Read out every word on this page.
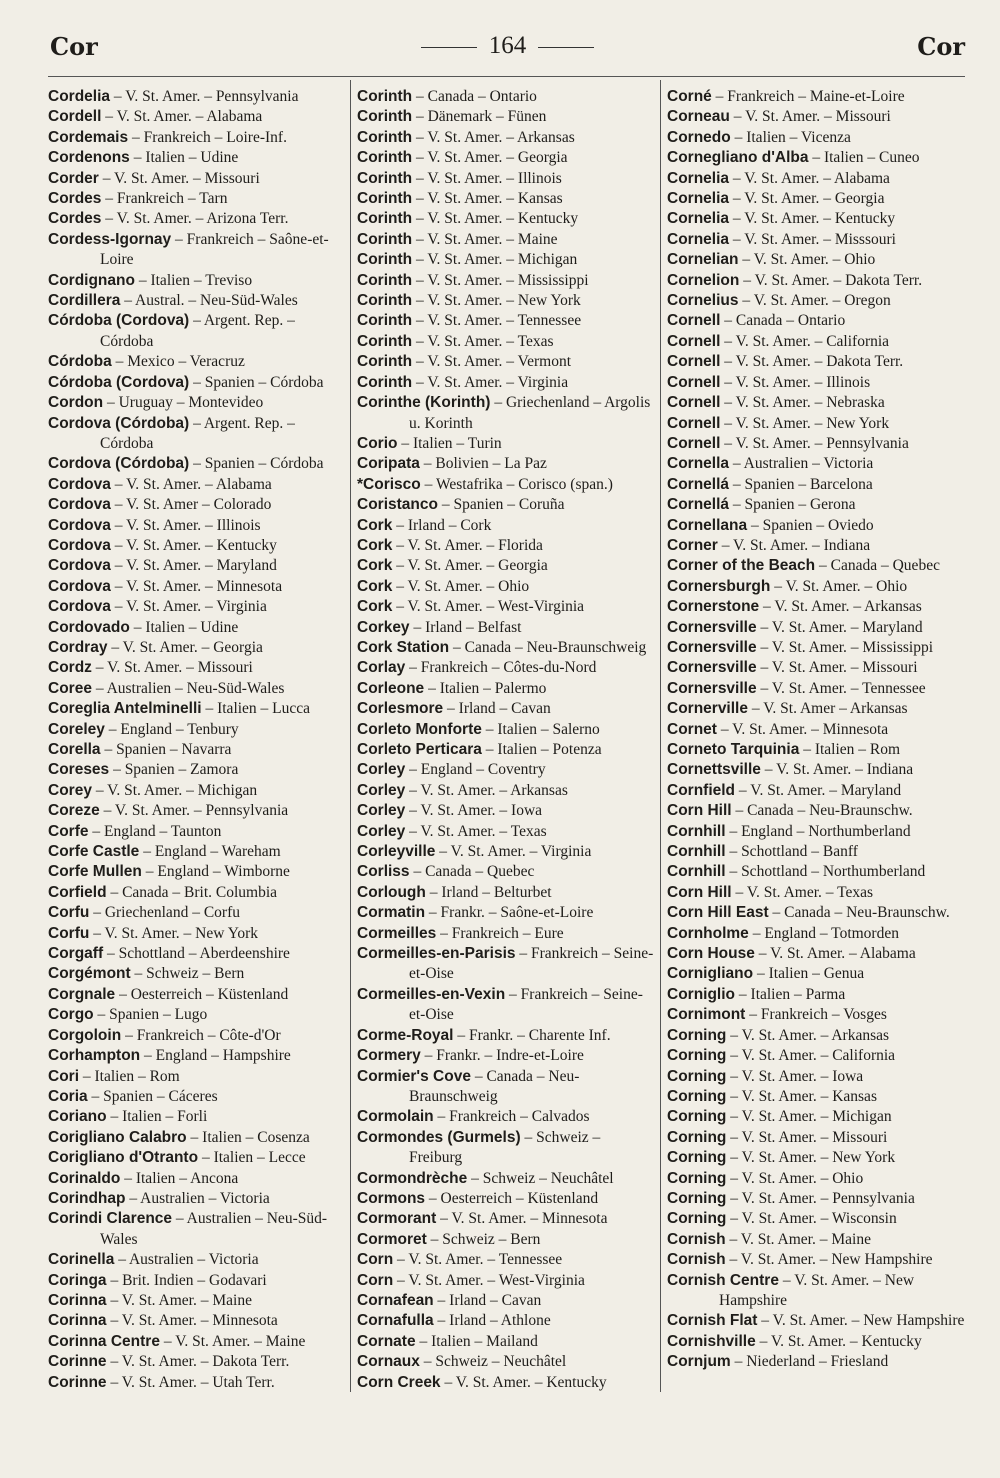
Cor	164	Cor
Cordelia – V. St. Amer. – Pennsylvania
Cordell – V. St. Amer. – Alabama
Cordemais – Frankreich – Loire-Inf.
Cordenons – Italien – Udine
Corder – V. St. Amer. – Missouri
Cordes – Frankreich – Tarn
Cordes – V. St. Amer. – Arizona Terr.
Cordess-Igornay – Frankreich – Saône-et-Loire
Cordignano – Italien – Treviso
Cordillera – Austral. – Neu-Süd-Wales
Córdoba (Cordova) – Argent. Rep. – Córdoba
Córdoba – Mexico – Veracruz
Córdoba (Cordova) – Spanien – Córdoba
Cordon – Uruguay – Montevideo
Cordova (Córdoba) – Argent. Rep. – Córdoba
Cordova (Córdoba) – Spanien – Córdoba
Cordova – V. St. Amer. – Alabama
Cordova – V. St. Amer – Colorado
Cordova – V. St. Amer. – Illinois
Cordova – V. St. Amer. – Kentucky
Cordova – V. St. Amer. – Maryland
Cordova – V. St. Amer. – Minnesota
Cordova – V. St. Amer. – Virginia
Cordovado – Italien – Udine
Cordray – V. St. Amer. – Georgia
Cordz – V. St. Amer. – Missouri
Coree – Australien – Neu-Süd-Wales
Coreglia Antelminelli – Italien – Lucca
Coreley – England – Tenbury
Corella – Spanien – Navarra
Coreses – Spanien – Zamora
Corey – V. St. Amer. – Michigan
Coreze – V. St. Amer. – Pennsylvania
Corfe – England – Taunton
Corfe Castle – England – Wareham
Corfe Mullen – England – Wimborne
Corfield – Canada – Brit. Columbia
Corfu – Griechenland – Corfu
Corfu – V. St. Amer. – New York
Corgaff – Schottland – Aberdeenshire
Corgémont – Schweiz – Bern
Corgnale – Oesterreich – Küstenland
Corgo – Spanien – Lugo
Corgoloin – Frankreich – Côte-d'Or
Corhampton – England – Hampshire
Cori – Italien – Rom
Coria – Spanien – Cáceres
Coriano – Italien – Forli
Corigliano Calabro – Italien – Cosenza
Corigliano d'Otranto – Italien – Lecce
Corinaldo – Italien – Ancona
Corindhap – Australien – Victoria
Corindi Clarence – Australien – Neu-Süd-Wales
Corinella – Australien – Victoria
Coringa – Brit. Indien – Godavari
Corinna – V. St. Amer. – Maine
Corinna – V. St. Amer. – Minnesota
Corinna Centre – V. St. Amer. – Maine
Corinne – V. St. Amer. – Dakota Terr.
Corinne – V. St. Amer. – Utah Terr.
Corinth – Canada – Ontario
Corinth – Dänemark – Fünen
Corinth – V. St. Amer. – Arkansas
Corinth – V. St. Amer. – Georgia
Corinth – V. St. Amer. – Illinois
Corinth – V. St. Amer. – Kansas
Corinth – V. St. Amer. – Kentucky
Corinth – V. St. Amer. – Maine
Corinth – V. St. Amer. – Michigan
Corinth – V. St. Amer. – Mississippi
Corinth – V. St. Amer. – New York
Corinth – V. St. Amer. – Tennessee
Corinth – V. St. Amer. – Texas
Corinth – V. St. Amer. – Vermont
Corinth – V. St. Amer. – Virginia
Corinthe (Korinth) – Griechenland – Argolis u. Korinth
Corio – Italien – Turin
Coripata – Bolivien – La Paz
*Corisco – Westafrika – Corisco (span.)
Coristanco – Spanien – Coruña
Cork – Irland – Cork
Cork – V. St. Amer. – Florida
Cork – V. St. Amer. – Georgia
Cork – V. St. Amer. – Ohio
Cork – V. St. Amer. – West-Virginia
Corkey – Irland – Belfast
Cork Station – Canada – Neu-Braunschweig
Corlay – Frankreich – Côtes-du-Nord
Corleone – Italien – Palermo
Corlesmore – Irland – Cavan
Corleto Monforte – Italien – Salerno
Corleto Perticara – Italien – Potenza
Corley – England – Coventry
Corley – V. St. Amer. – Arkansas
Corley – V. St. Amer. – Iowa
Corley – V. St. Amer. – Texas
Corleyville – V. St. Amer. – Virginia
Corliss – Canada – Quebec
Corlough – Irland – Belturbet
Cormatin – Frankr. – Saône-et-Loire
Cormeilles – Frankreich – Eure
Cormeilles-en-Parisis – Frankreich – Seine-et-Oise
Cormeilles-en-Vexin – Frankreich – Seine-et-Oise
Corme-Royal – Frankr. – Charente Inf.
Cormery – Frankr. – Indre-et-Loire
Cormier's Cove – Canada – Neu-Braunschweig
Cormolain – Frankreich – Calvados
Cormondes (Gurmels) – Schweiz – Freiburg
Cormondrèche – Schweiz – Neuchâtel
Cormons – Oesterreich – Küstenland
Cormorant – V. St. Amer. – Minnesota
Cormoret – Schweiz – Bern
Corn – V. St. Amer. – Tennessee
Corn – V. St. Amer. – West-Virginia
Cornafean – Irland – Cavan
Cornafulla – Irland – Athlone
Cornate – Italien – Mailand
Cornaux – Schweiz – Neuchâtel
Corn Creek – V. St. Amer. – Kentucky
Corné – Frankreich – Maine-et-Loire
Corneau – V. St. Amer. – Missouri
Cornedo – Italien – Vicenza
Cornegliano d'Alba – Italien – Cuneo
Cornelia – V. St. Amer. – Alabama
Cornelia – V. St. Amer. – Georgia
Cornelia – V. St. Amer. – Kentucky
Cornelia – V. St. Amer. – Misssouri
Cornelian – V. St. Amer. – Ohio
Cornelion – V. St. Amer. – Dakota Terr.
Cornelius – V. St. Amer. – Oregon
Cornell – Canada – Ontario
Cornell – V. St. Amer. – California
Cornell – V. St. Amer. – Dakota Terr.
Cornell – V. St. Amer. – Illinois
Cornell – V. St. Amer. – Nebraska
Cornell – V. St. Amer. – New York
Cornell – V. St. Amer. – Pennsylvania
Cornella – Australien – Victoria
Cornellá – Spanien – Barcelona
Cornellá – Spanien – Gerona
Cornellana – Spanien – Oviedo
Corner – V. St. Amer. – Indiana
Corner of the Beach – Canada – Quebec
Cornersburgh – V. St. Amer. – Ohio
Cornerstone – V. St. Amer. – Arkansas
Cornersville – V. St. Amer. – Maryland
Cornersville – V. St. Amer. – Mississippi
Cornersville – V. St. Amer. – Missouri
Cornersville – V. St. Amer. – Tennessee
Cornerville – V. St. Amer – Arkansas
Cornet – V. St. Amer. – Minnesota
Corneto Tarquinia – Italien – Rom
Cornettsville – V. St. Amer. – Indiana
Cornfield – V. St. Amer. – Maryland
Corn Hill – Canada – Neu-Braunschw.
Cornhill – England – Northumberland
Cornhill – Schottland – Banff
Cornhill – Schottland – Northumberland
Corn Hill – V. St. Amer. – Texas
Corn Hill East – Canada – Neu-Braunschw.
Cornholme – England – Totmorden
Corn House – V. St. Amer. – Alabama
Cornigliano – Italien – Genua
Corniglio – Italien – Parma
Cornimont – Frankreich – Vosges
Corning – V. St. Amer. – Arkansas
Corning – V. St. Amer. – California
Corning – V. St. Amer. – Iowa
Corning – V. St. Amer. – Kansas
Corning – V. St. Amer. – Michigan
Corning – V. St. Amer. – Missouri
Corning – V. St. Amer. – New York
Corning – V. St. Amer. – Ohio
Corning – V. St. Amer. – Pennsylvania
Corning – V. St. Amer. – Wisconsin
Cornish – V. St. Amer. – Maine
Cornish – V. St. Amer. – New Hampshire
Cornish Centre – V. St. Amer. – New Hampshire
Cornish Flat – V. St. Amer. – New Hampshire
Cornishville – V. St. Amer. – Kentucky
Cornjum – Niederland – Friesland
